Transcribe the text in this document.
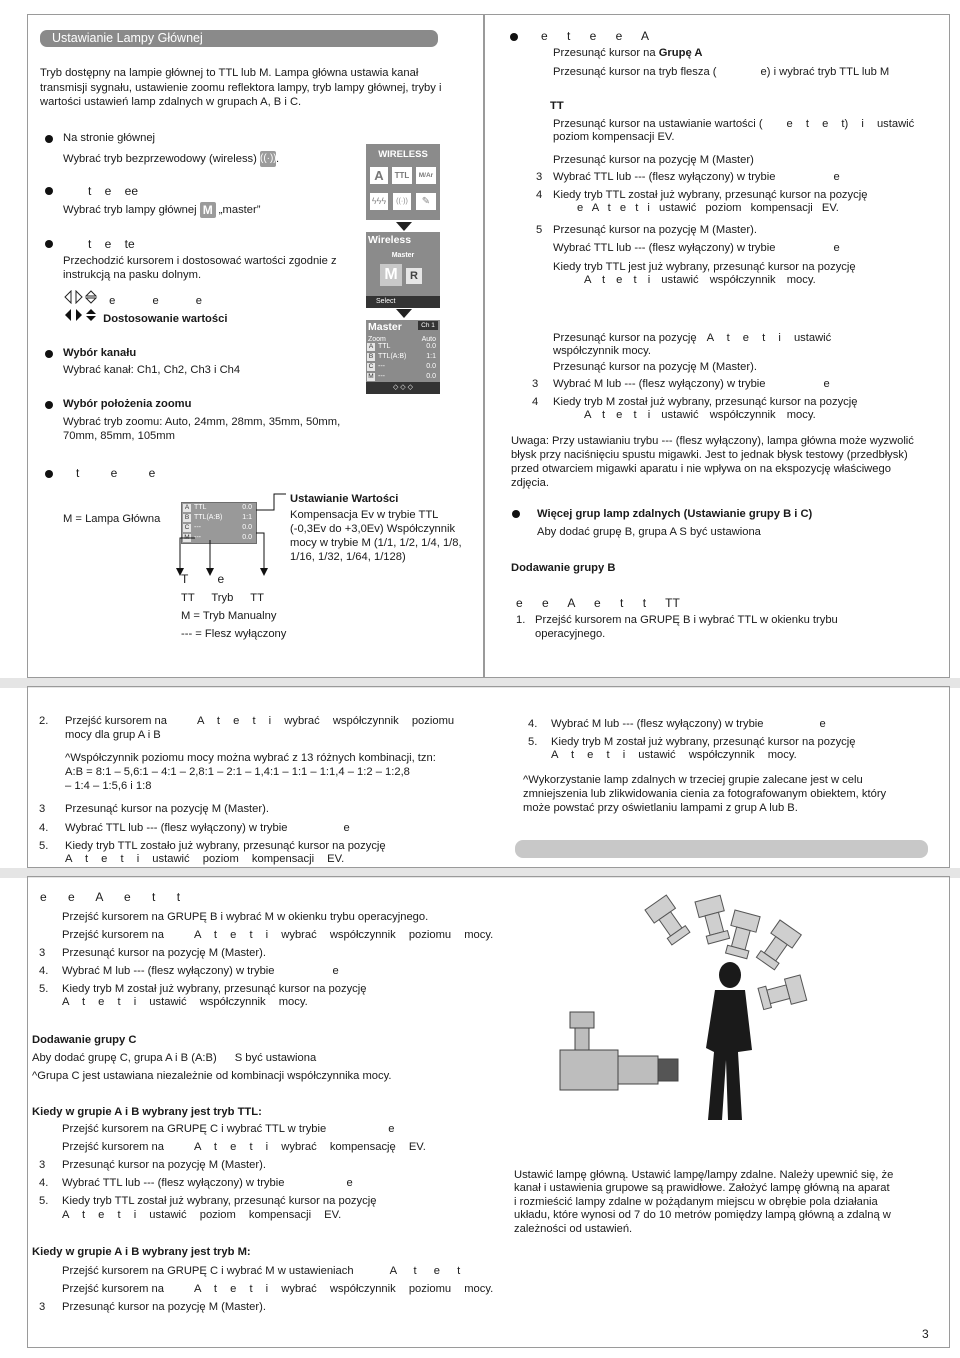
Ustawianie Lampy Głównej
Tryb dostępny na lampie głównej to TTL lub M. Lampa główna ustawia kanał transmisji sygnału, ustawienie zoomu reflektora lampy, tryb lampy głównej, tryby i wartości ustawień lamp zdalnych w grupach A, B i C.
Na stronie głównej
Wybrać tryb bezprzewodowy (wireless) ((·)).
t e ee
Wybrać tryb lampy głównej M „master”
t e te
Przechodzić kursorem i dostosować wartości zgodnie z instrukcją na pasku dolnym.
e e e
Dostosowanie wartości
Wybór kanału
Wybrać kanał: Ch1, Ch2, Ch3 i Ch4
Wybór położenia zoomu
Wybrać tryb zoomu: Auto, 24mm, 28mm, 35mm, 50mm, 70mm, 85mm, 105mm
t e e
M = Lampa Główna
A TTL	0.0
B TTL(A:B)	1:1
C ---	0.0
M ---	0.0
Ustawianie Wartości
Kompensacja Ev w trybie TTL (-0,3Ev do +3,0Ev) Współczynnik mocy w trybie M (1/1, 1/2, 1/4, 1/8, 1/16, 1/32, 1/64, 1/128)
T e
TT Tryb TT
M = Tryb Manualny
--- = Flesz wyłączony
WIRELESS
A	TTL	M/Ar
ϟϟϟ	((·))	✎
Wireless
Master
M	R
Select
Master	Ch 1
Zoom	Auto
A TTL	0.0
B TTL(A:B)	1:1
C ---	0.0
M ---	0.0
◇ ◇ ◇
e t e e A
Przesunąć kursor na Grupę A
Przesunąć kursor na tryb flesza (	e) i wybrać tryb TTL lub M
TT
Przesunąć kursor na ustawianie wartości ( e t e t) i ustawić
poziom kompensacji EV.
Przesunąć kursor na pozycję M (Master)
3 Wybrać TTL lub --- (flesz wyłączony) w trybie	e
4 Kiedy tryb TTL został już wybrany, przesunąć kursor na pozycję
e A t e t i ustawić poziom kompensacji EV.
5 Przesunąć kursor na pozycję M (Master).
Wybrać TTL lub --- (flesz wyłączony) w trybie	e
Kiedy tryb TTL jest już wybrany, przesunąć kursor na pozycję
A t e t i ustawić współczynnik mocy.
Przesunąć kursor na pozycję A t e t i ustawić
współczynnik mocy.
Przesunąć kursor na pozycję M (Master).
3 Wybrać M lub --- (flesz wyłączony) w trybie	e
4 Kiedy tryb M został już wybrany, przesunąć kursor na pozycję
A t e t i ustawić współczynnik mocy.
Uwaga: Przy ustawianiu trybu --- (flesz wyłączony), lampa główna może wyzwolić błysk przy naciśnięciu spustu migawki. Jest to jednak błysk testowy (przedbłysk) przed otwarciem migawki aparatu i nie wpływa on na ekspozycję właściwego zdjęcia.
Więcej grup lamp zdalnych (Ustawianie grupy B i C)
Aby dodać grupę B, grupa A S być ustawiona
Dodawanie grupy B
e e A e t t TT
1. Przejść kursorem na GRUPĘ B i wybrać TTL w okienku trybu operacyjnego.
2. Przejść kursorem na	A t e t i wybrać współczynnik poziomu
mocy dla grup A i B
^Współczynnik poziomu mocy można wybrać z 13 różnych kombinacji, tzn:
A:B = 8:1 – 5,6:1 – 4:1 – 2,8:1 – 2:1 – 1,4:1 – 1:1 – 1:1,4 – 1:2 – 1:2,8
– 1:4 – 1:5,6 i 1:8
3 Przesunąć kursor na pozycję M (Master).
4. Wybrać TTL lub --- (flesz wyłączony) w trybie	e
5. Kiedy tryb TTL zostało już wybrany, przesunąć kursor na pozycję
A t e t i ustawić poziom kompensacji EV.
4. Wybrać M lub --- (flesz wyłączony) w trybie	e
5. Kiedy tryb M został już wybrany, przesunąć kursor na pozycję
A t e t i ustawić współczynnik mocy.
^Wykorzystanie lamp zdalnych w trzeciej grupie zalecane jest w celu zmniejszenia lub zlikwidowania cienia za fotografowanym obiektem, który może powstać przy oświetlaniu lampami z grup A lub B.
e e A e t t
Przejść kursorem na GRUPĘ B i wybrać M w okienku trybu operacyjnego.
Przejść kursorem na	A t e t i wybrać współczynnik poziomu mocy.
3 Przesunąć kursor na pozycję M (Master).
4. Wybrać M lub --- (flesz wyłączony) w trybie	e
5. Kiedy tryb M został już wybrany, przesunąć kursor na pozycję
A t e t i ustawić współczynnik mocy.
Dodawanie grupy C
Aby dodać grupę C, grupa A i B (A:B) S być ustawiona
^Grupa C jest ustawiana niezależnie od kombinacji współczynnika mocy.
Kiedy w grupie A i B wybrany jest tryb TTL:
Przejść kursorem na GRUPĘ C i wybrać TTL w trybie	e
Przejść kursorem na	A t e t i wybrać kompensację EV.
3 Przesunąć kursor na pozycję M (Master).
4. Wybrać TTL lub --- (flesz wyłączony) w trybie	e
5. Kiedy tryb TTL został już wybrany, przesunąć kursor na pozycję
A t e t i ustawić poziom kompensacji EV.
Kiedy w grupie A i B wybrany jest tryb M:
Przejść kursorem na GRUPĘ C i wybrać M w ustawieniach	A t e t
Przejść kursorem na	A t e t i wybrać współczynnik poziomu mocy.
3 Przesunąć kursor na pozycję M (Master).
Ustawić lampę główną. Ustawić lampę/lampy zdalne. Należy upewnić się, że kanał i ustawienia grupowe są prawidłowe. Założyć lampę główną na aparat i rozmieścić lampy zdalne w pożądanym miejscu w obrębie pola działania układu, które wynosi od 7 do 10 metrów pomiędzy lampą główną a zdalną w zależności od ustawień.
3
